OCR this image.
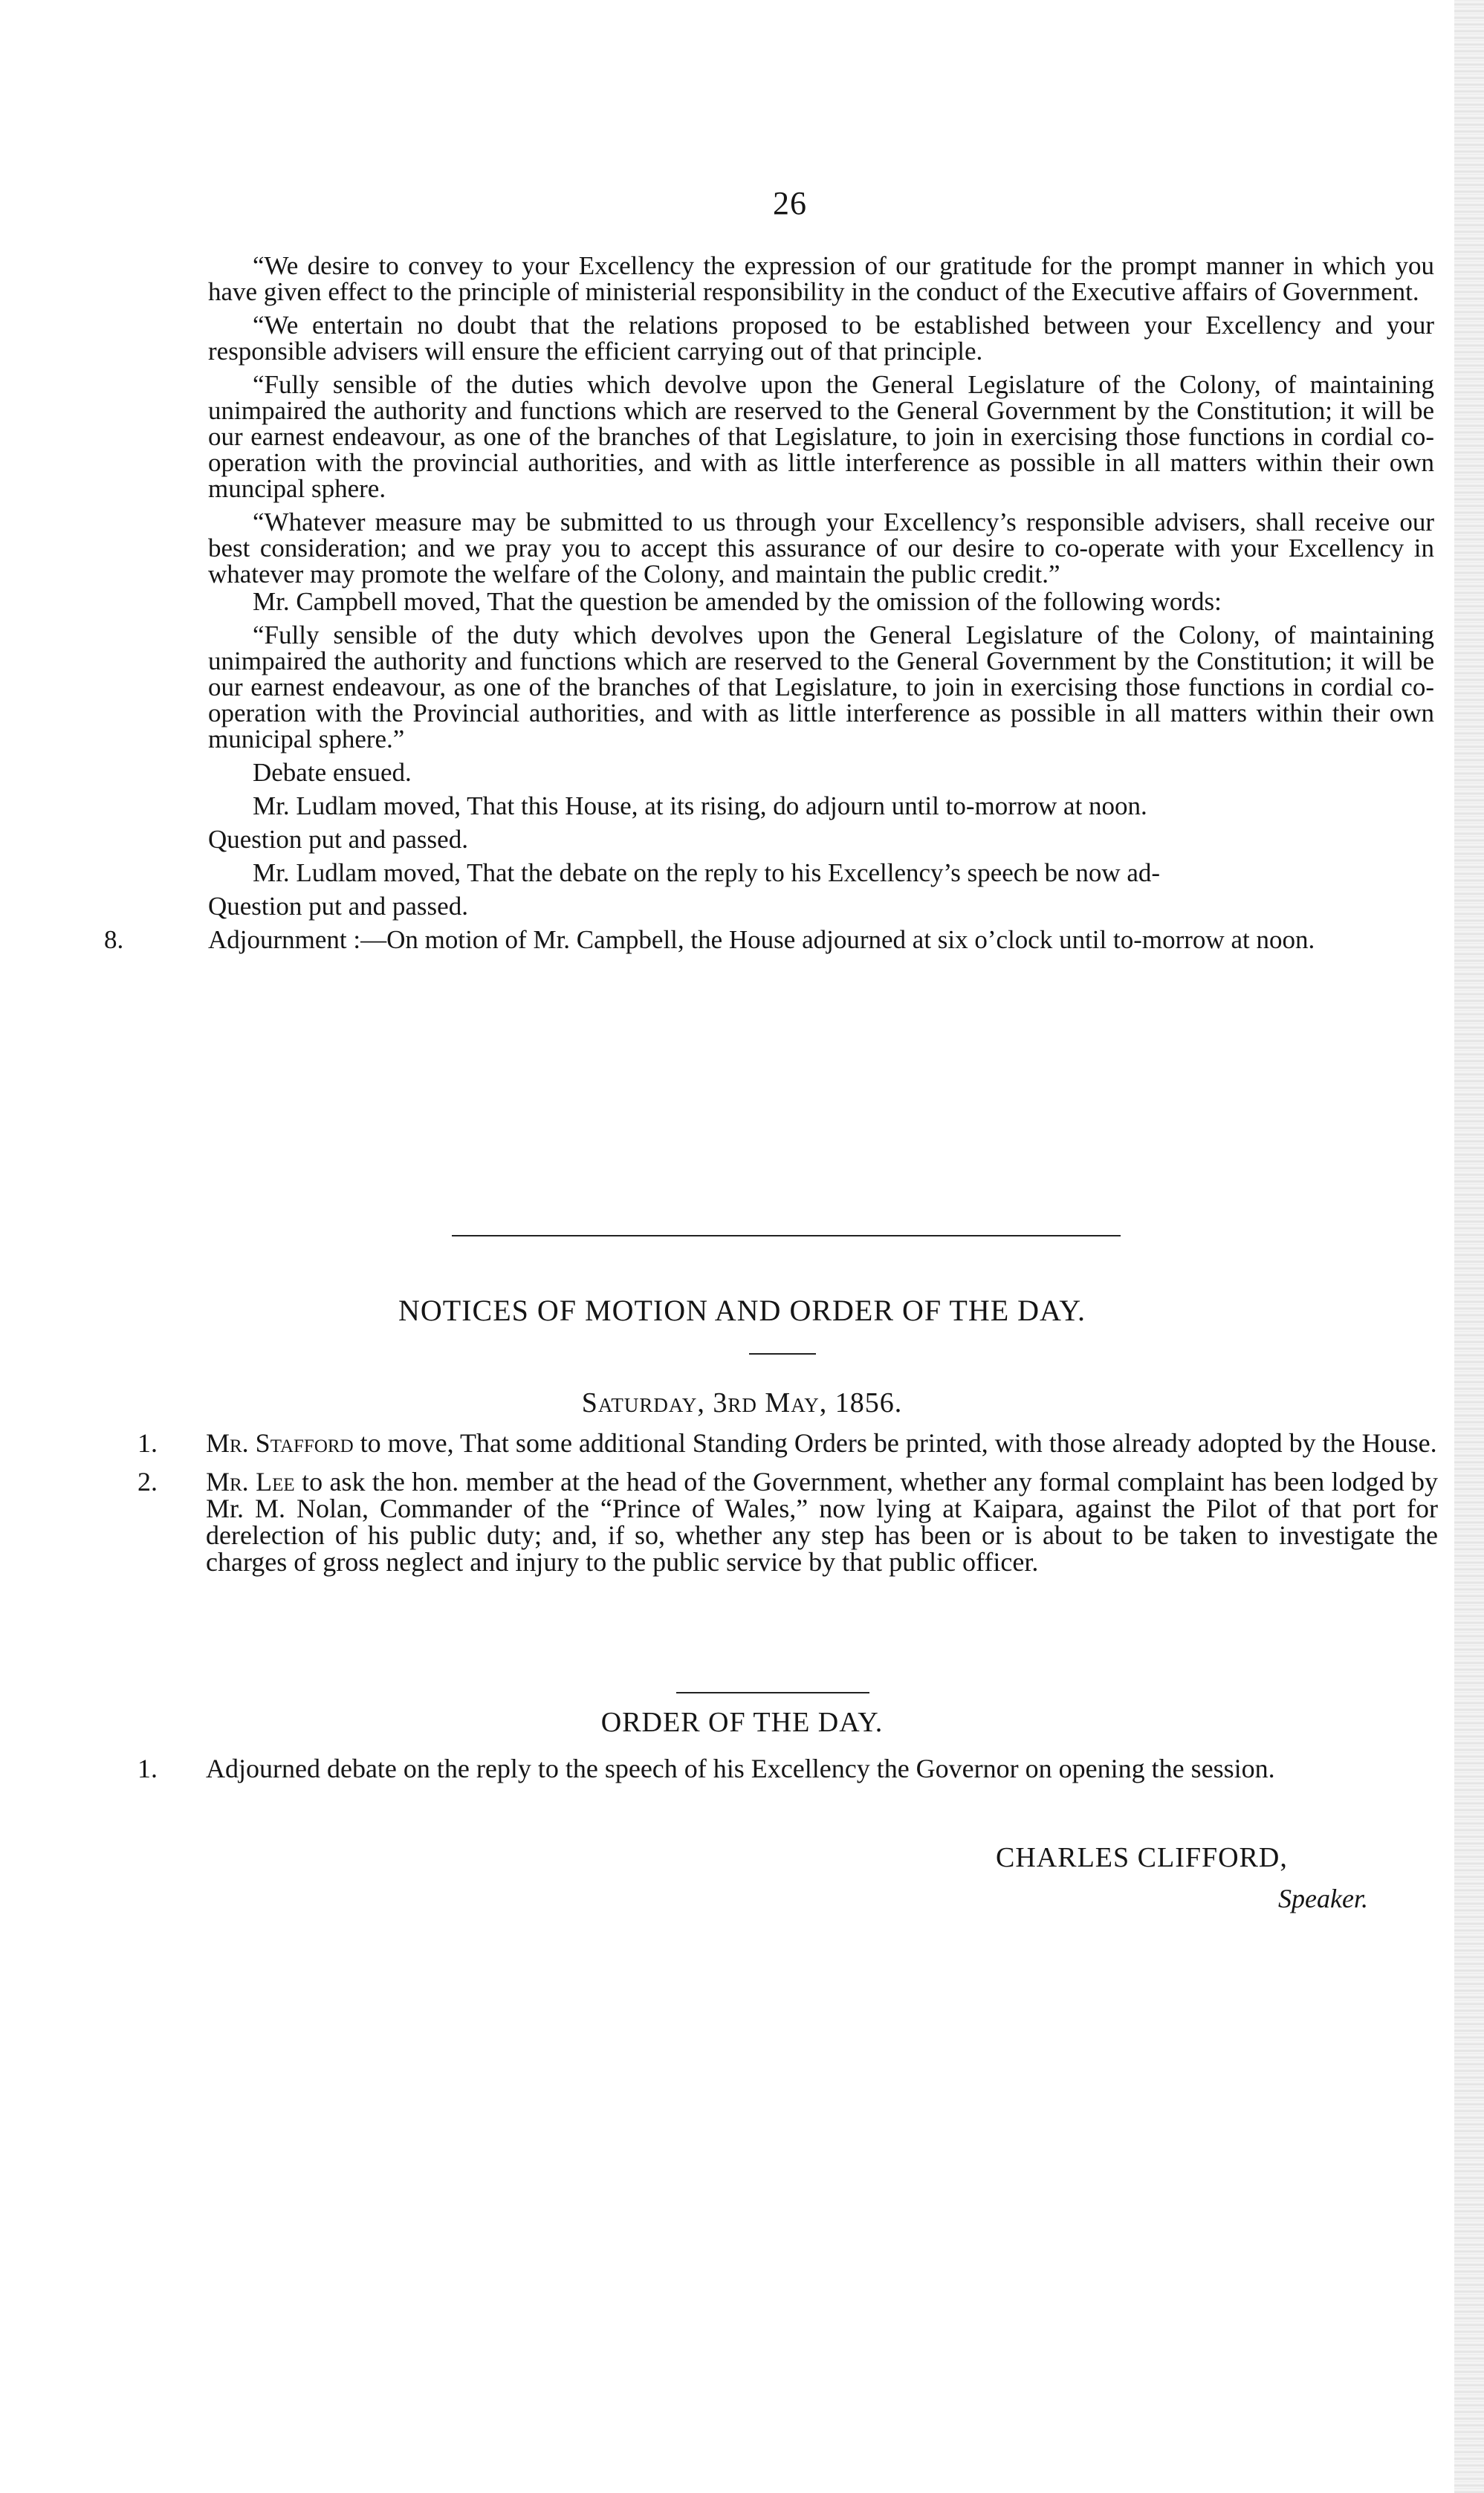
26

“We desire to convey to your Excellency the expression of our gratitude for the prompt manner in which you have given effect to the principle of ministerial responsibility in the conduct of the Executive affairs of Government.

“We entertain no doubt that the relations proposed to be established between your Excellency and your responsible advisers will ensure the efficient carrying out of that principle.

“Fully sensible of the duties which devolve upon the General Legislature of the Colony, of maintaining unimpaired the authority and functions which are reserved to the General Government by the Constitution; it will be our earnest endeavour, as one of the branches of that Legislature, to join in exercising those functions in cordial co-operation with the provincial authorities, and with as little interference as possible in all matters within their own muncipal sphere.

“Whatever measure may be submitted to us through your Excellency’s responsible advisers, shall receive our best consideration; and we pray you to accept this assurance of our desire to co-operate with your Excellency in whatever may promote the welfare of the Colony, and maintain the public credit.”

Mr. Campbell moved, That the question be amended by the omission of the following words:

“Fully sensible of the duty which devolves upon the General Legislature of the Colony, of maintaining unimpaired the authority and functions which are reserved to the General Government by the Constitution; it will be our earnest endeavour, as one of the branches of that Legislature, to join in exercising those functions in cordial co-operation with the Provincial authorities, and with as little interference as possible in all matters within their own municipal sphere.”

Debate ensued.

Mr. Ludlam moved, That this House, at its rising, do adjourn until to-morrow at noon.

Question put and passed.

Mr. Ludlam moved, That the debate on the reply to his Excellency’s speech be now ad-

Question put and passed.

8.	Adjournment :—On motion of Mr. Campbell, the House adjourned at six o’clock until to-morrow at noon.

NOTICES OF MOTION AND ORDER OF THE DAY.
Saturday, 3rd May, 1856.
1. Mr. Stafford to move, That some additional Standing Orders be printed, with those already adopted by the House.
2. Mr. Lee to ask the hon. member at the head of the Government, whether any formal complaint has been lodged by Mr. M. Nolan, Commander of the “Prince of Wales,” now lying at Kaipara, against the Pilot of that port for derelection of his public duty; and, if so, whether any step has been or is about to be taken to investigate the charges of gross neglect and injury to the public service by that public officer.
ORDER OF THE DAY.
1. Adjourned debate on the reply to the speech of his Excellency the Governor on opening the session.
CHARLES CLIFFORD,
Speaker.
